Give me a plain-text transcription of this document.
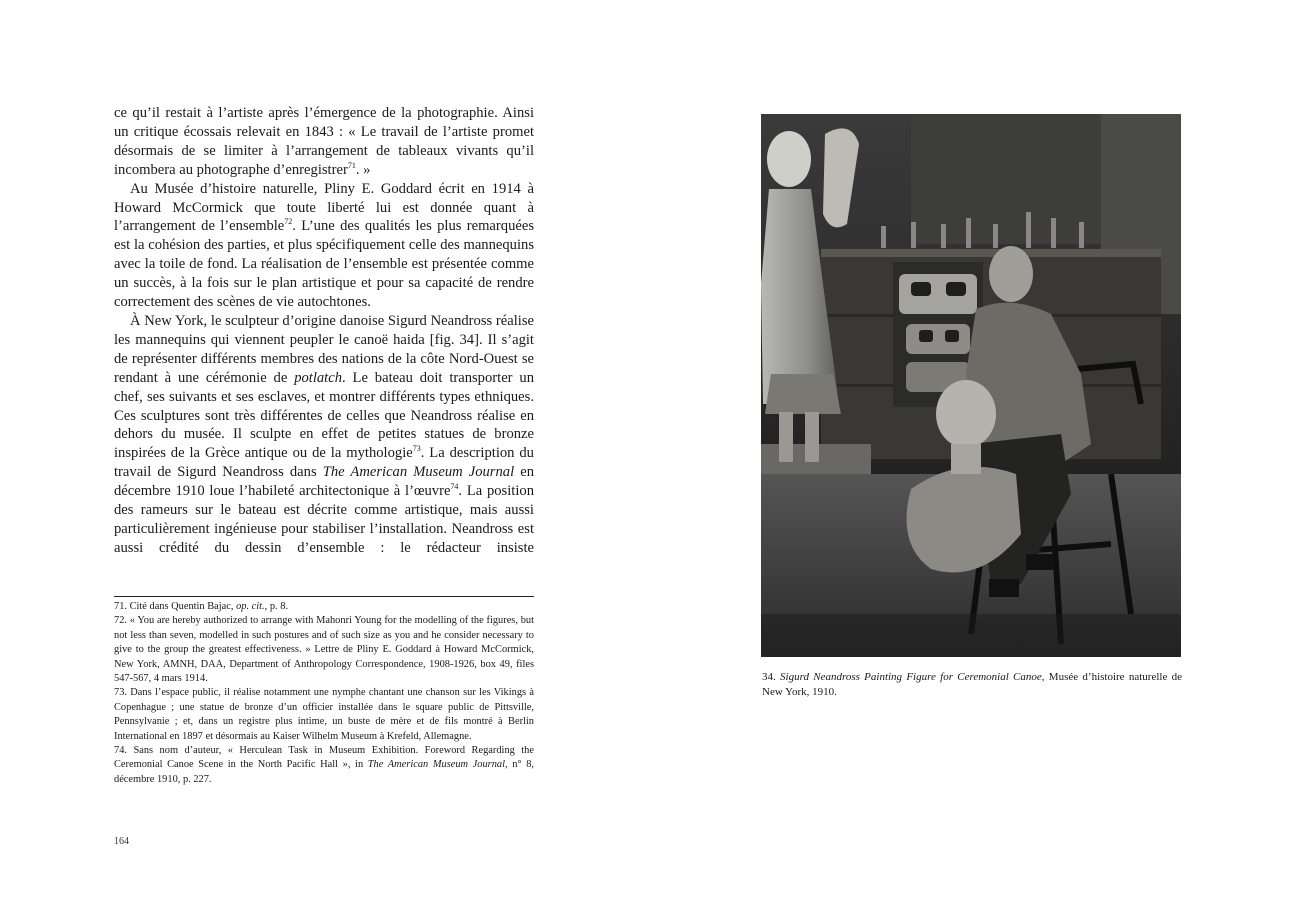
ce qu’il restait à l’artiste après l’émergence de la photographie. Ainsi un critique écossais relevait en 1843 : « Le travail de l’artiste promet désormais de se limiter à l’arrangement de tableaux vivants qu’il incombera au photographe d’enregistrer$^{71}$. »

Au Musée d’histoire naturelle, Pliny E. Goddard écrit en 1914 à Howard McCormick que toute liberté lui est donnée quant à l’arrangement de l’ensemble$^{72}$. L’une des qualités les plus remarquées est la cohésion des parties, et plus spécifiquement celle des mannequins avec la toile de fond. La réalisation de l’ensemble est présentée comme un succès, à la fois sur le plan artistique et pour sa capacité de rendre correctement des scènes de vie autochtones.

À New York, le sculpteur d’origine danoise Sigurd Neandross réalise les mannequins qui viennent peupler le canoë haida [fig. 34]. Il s’agit de représenter différents membres des nations de la côte Nord-Ouest se rendant à une cérémonie de potlatch. Le bateau doit transporter un chef, ses suivants et ses esclaves, et montrer différents types ethniques. Ces sculptures sont très différentes de celles que Neandross réalise en dehors du musée. Il sculpte en effet de petites statues de bronze inspirées de la Grèce antique ou de la mythologie$^{73}$. La description du travail de Sigurd Neandross dans The American Museum Journal en décembre 1910 loue l’habileté architectonique à l’œuvre$^{74}$. La position des rameurs sur le bateau est décrite comme artistique, mais aussi particulièrement ingénieuse pour stabiliser l’installation. Neandross est aussi crédité du dessin d’ensemble : le rédacteur insiste

71. Cité dans Quentin Bajac, op. cit., p. 8.

72. « You are hereby authorized to arrange with Mahonri Young for the modelling of the figures, but not less than seven, modelled in such postures and of such size as you and he consider necessary to give to the group the greatest effectiveness. » Lettre de Pliny E. Goddard à Howard McCormick, New York, AMNH, DAA, Department of Anthropology Correspondence, 1908-1926, box 49, files 547-567, 4 mars 1914.

73. Dans l’espace public, il réalise notamment une nymphe chantant une chanson sur les Vikings à Copenhague ; une statue de bronze d’un officier installée dans le square public de Pittsville, Pennsylvanie ; et, dans un registre plus intime, un buste de mère et de fils montré à Berlin International en 1897 et désormais au Kaiser Wilhelm Museum à Krefeld, Allemagne.

74. Sans nom d’auteur, « Herculean Task in Museum Exhibition. Foreword Regarding the Ceremonial Canoe Scene in the North Pacific Hall », in The American Museum Journal, n° 8, décembre 1910, p. 227.

164
34. Sigurd Neandross Painting Figure for Ceremonial Canoe, Musée d’histoire naturelle de New York, 1910.
